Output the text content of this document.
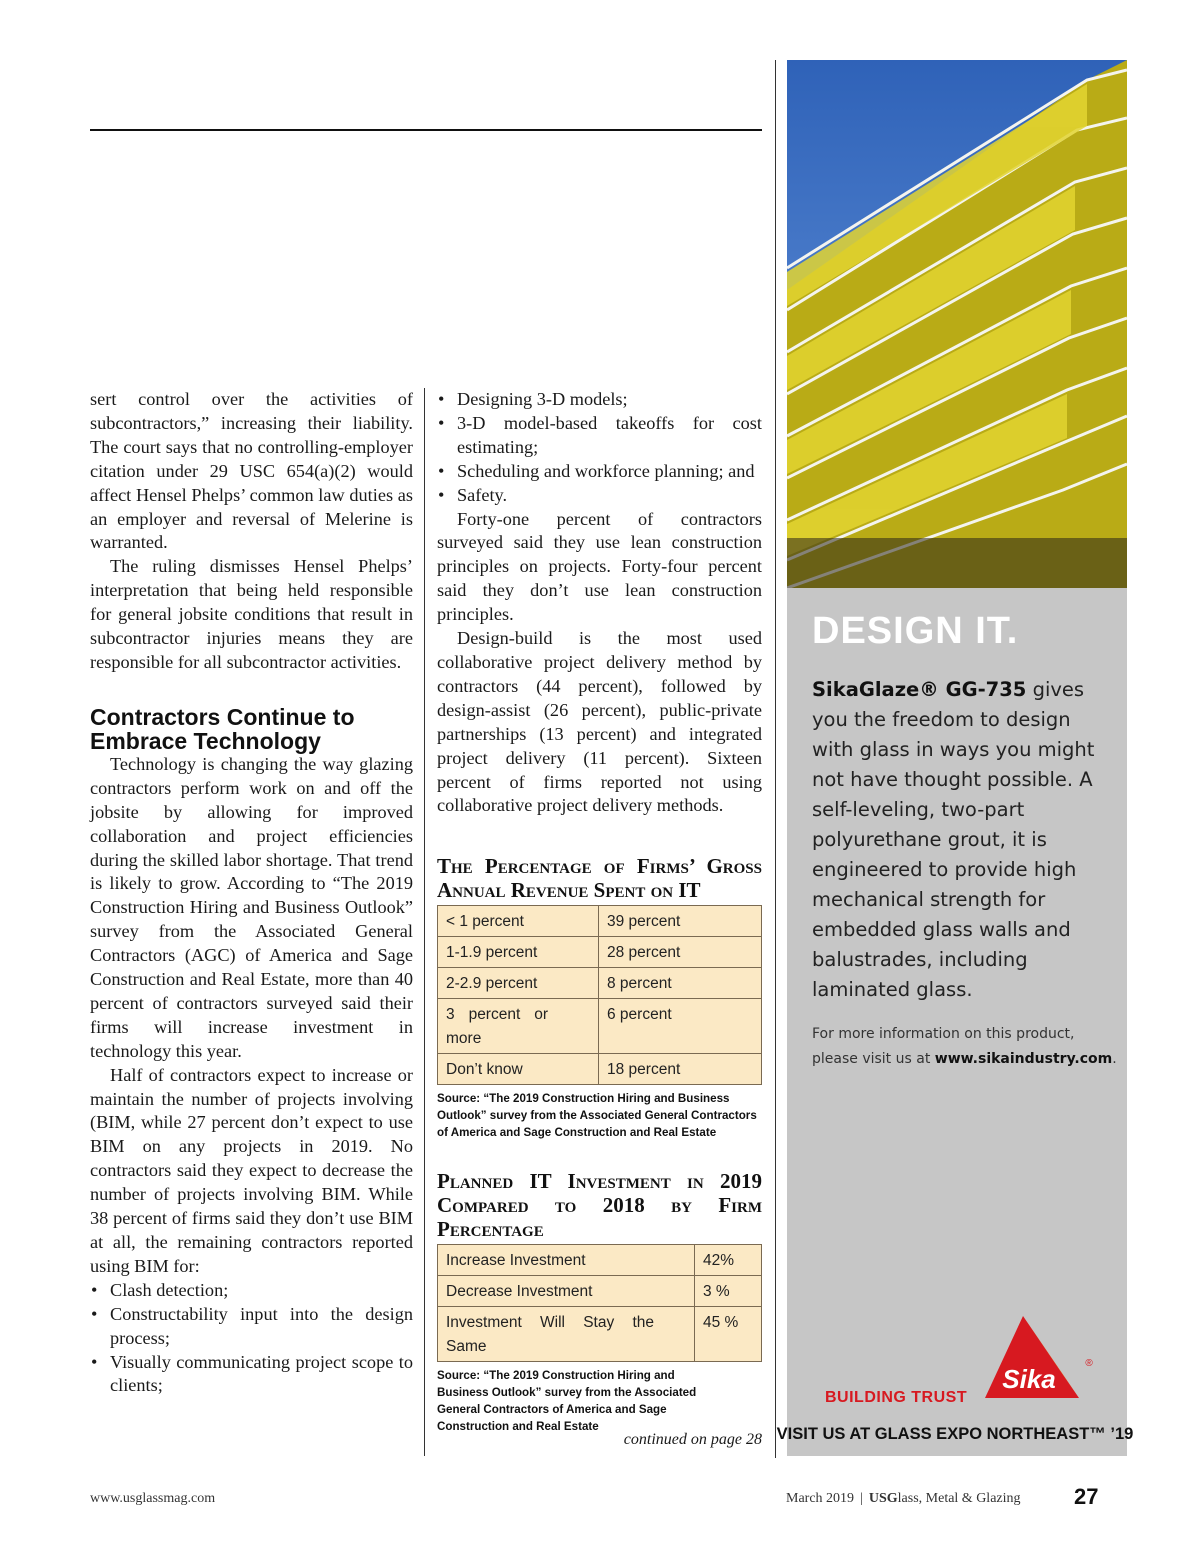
sert control over the activities of subcontractors,” increasing their liability. The court says that no controlling-employer citation under 29 USC 654(a)(2) would affect Hensel Phelps’ common law duties as an employer and reversal of Melerine is warranted.

The ruling dismisses Hensel Phelps’ interpretation that being held responsible for general jobsite conditions that result in subcontractor injuries means they are responsible for all subcontractor activities.

Contractors Continue to Embrace Technology

Technology is changing the way glazing contractors perform work on and off the jobsite by allowing for improved collaboration and project efficiencies during the skilled labor shortage. That trend is likely to grow. According to “The 2019 Construction Hiring and Business Outlook” survey from the Associated General Contractors (AGC) of America and Sage Construction and Real Estate, more than 40 percent of contractors surveyed said their firms will increase investment in technology this year.

Half of contractors expect to increase or maintain the number of projects involving (BIM, while 27 percent don’t expect to use BIM on any projects in 2019. No contractors said they expect to decrease the number of projects involving BIM. While 38 percent of firms said they don’t use BIM at all, the remaining contractors reported using BIM for:

• Clash detection;
• Constructability input into the design process;
• Visually communicating project scope to clients;
• Designing 3-D models;
• 3-D model-based takeoffs for cost estimating;
• Scheduling and workforce planning; and
• Safety.

Forty-one percent of contractors surveyed said they use lean construction principles on projects. Forty-four percent said they don’t use lean construction principles.

Design-build is the most used collaborative project delivery method by contractors (44 percent), followed by design-assist (26 percent), public-private partnerships (13 percent) and integrated project delivery (11 percent). Sixteen percent of firms reported not using collaborative project delivery methods.

The Percentage of Firms’ Gross Annual Revenue Spent on IT
< 1 percent	39 percent
1-1.9 percent	28 percent
2-2.9 percent	8 percent
3 percent or more	6 percent
Don’t know	18 percent
Source: “The 2019 Construction Hiring and Business Outlook” survey from the Associated General Contractors of America and Sage Construction and Real Estate
Planned IT Investment in 2019 Compared to 2018 by Firm Percentage
Increase Investment	42%
Decrease Investment	3 %
Investment Will Stay the Same	45 %
Source: “The 2019 Construction Hiring and Business Outlook” survey from the Associated General Contractors of America and Sage Construction and Real Estate
continued on page 28
DESIGN IT.
SikaGlaze® GG-735 gives you the freedom to design with glass in ways you might not have thought possible. A self-leveling, two-part polyurethane grout, it is engineered to provide high mechanical strength for embedded glass walls and balustrades, including laminated glass.
For more information on this product, please visit us at www.sikaindustry.com.
Sika
®
BUILDING TRUST
VISIT US AT GLASS EXPO NORTHEAST™ ’19
www.usglassmag.com	March 2019 | USGlass, Metal & Glazing 27
